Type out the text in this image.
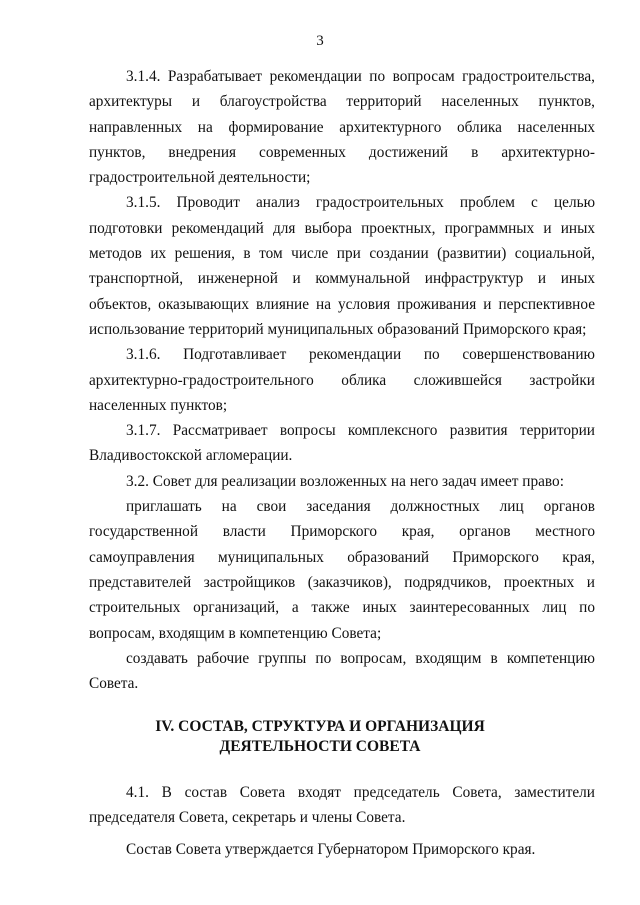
3

3.1.4. Разрабатывает рекомендации по вопросам градостроительства, архитектуры и благоустройства территорий населенных пунктов, направленных на формирование архитектурного облика населенных пунктов, внедрения современных достижений в архитектурно-градостроительной деятельности;

3.1.5. Проводит анализ градостроительных проблем с целью подготовки рекомендаций для выбора проектных, программных и иных методов их решения, в том числе при создании (развитии) социальной, транспортной, инженерной и коммунальной инфраструктур и иных объектов, оказывающих влияние на условия проживания и перспективное использование территорий муниципальных образований Приморского края;

3.1.6. Подготавливает рекомендации по совершенствованию архитектурно-градостроительного облика сложившейся застройки населенных пунктов;

3.1.7. Рассматривает вопросы комплексного развития территории Владивостокской агломерации.

3.2. Совет для реализации возложенных на него задач имеет право:

приглашать на свои заседания должностных лиц органов государственной власти Приморского края, органов местного самоуправления муниципальных образований Приморского края, представителей застройщиков (заказчиков), подрядчиков, проектных и строительных организаций, а также иных заинтересованных лиц по вопросам, входящим в компетенцию Совета;

создавать рабочие группы по вопросам, входящим в компетенцию Совета.

IV. СОСТАВ, СТРУКТУРА И ОРГАНИЗАЦИЯ
ДЕЯТЕЛЬНОСТИ СОВЕТА

4.1. В состав Совета входят председатель Совета, заместители председателя Совета, секретарь и члены Совета.

Состав Совета утверждается Губернатором Приморского края.
